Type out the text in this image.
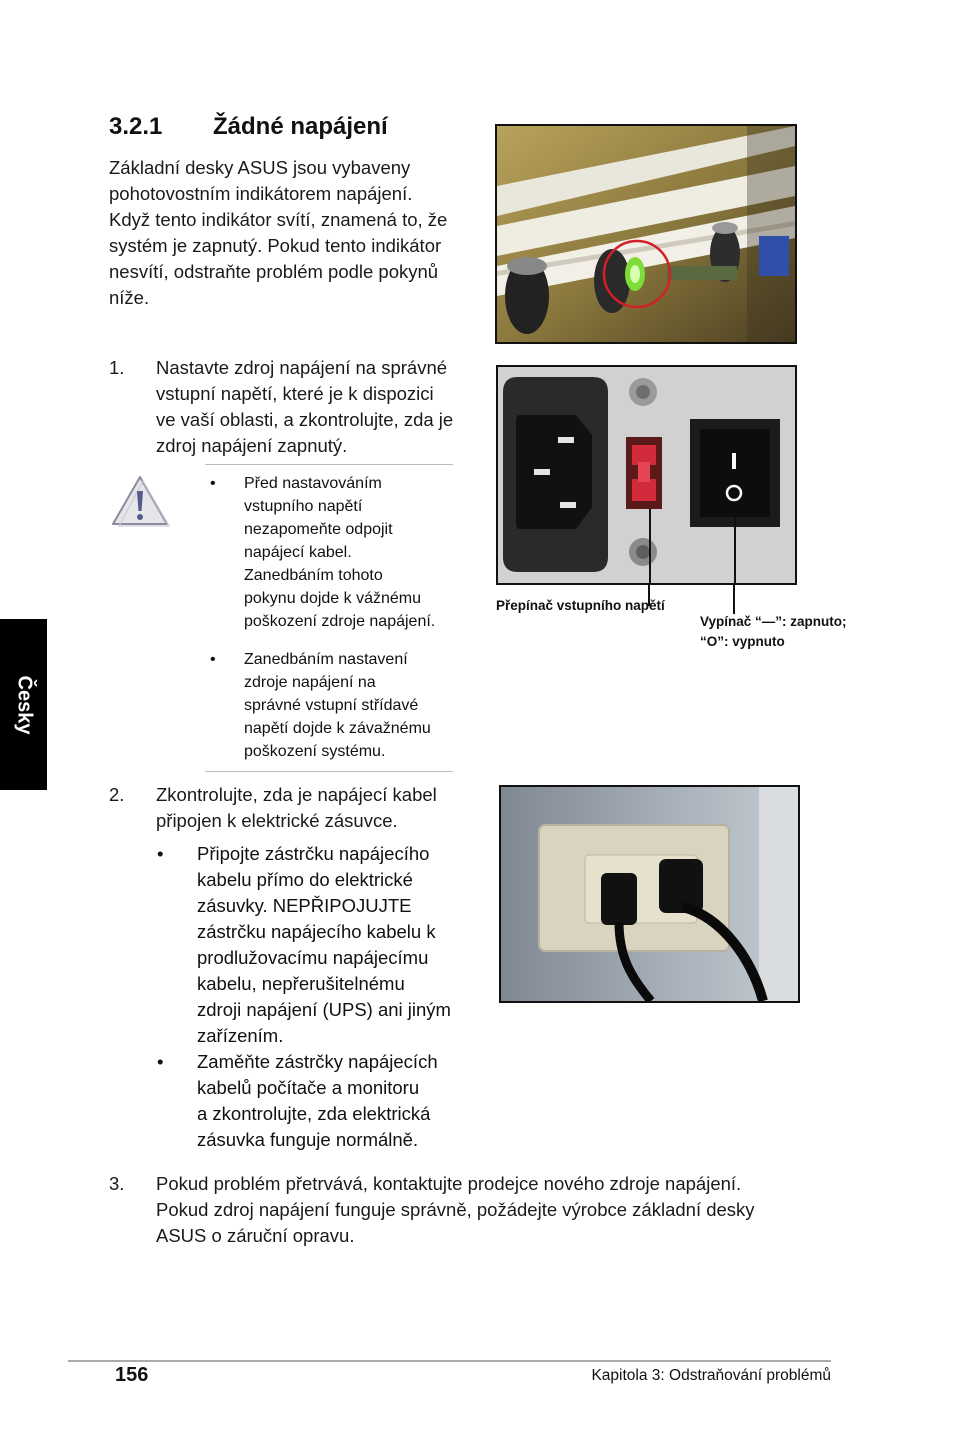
3.2.1 Žádné napájení
Základní desky ASUS jsou vybaveny
pohotovostním indikátorem napájení.
Když tento indikátor svítí, znamená to, že
systém je zapnutý. Pokud tento indikátor
nesvítí, odstraňte problém podle pokynů
níže.
1. Nastavte zdroj napájení na správné
vstupní napětí, které je k dispozici
ve vaší oblasti, a zkontrolujte, zda je
zdroj napájení zapnutý.
• Před nastavováním
vstupního napětí
nezapomeňte odpojit
napájecí kabel.
Zanedbáním tohoto
pokynu dojde k vážnému
poškození zdroje napájení.
• Zanedbáním nastavení
zdroje napájení na
správné vstupní střídavé
napětí dojde k závažnému
poškození systému.
Přepínač vstupního napětí
Vypínač “—”: zapnuto;
“O”: vypnuto
Česky
2. Zkontrolujte, zda je napájecí kabel
připojen k elektrické zásuvce.
• Připojte zástrčku napájecího
kabelu přímo do elektrické
zásuvky. NEPŘIPOJUJTE
zástrčku napájecího kabelu k
prodlužovacímu napájecímu
kabelu, nepřerušitelnému
zdroji napájení (UPS) ani jiným
zařízením.
• Zaměňte zástrčky napájecích
kabelů počítače a monitoru
a zkontrolujte, zda elektrická
zásuvka funguje normálně.
3. Pokud problém přetrvává, kontaktujte prodejce nového zdroje napájení.
Pokud zdroj napájení funguje správně, požádejte výrobce základní desky
ASUS o záruční opravu.
156	Kapitola 3: Odstraňování problémů
